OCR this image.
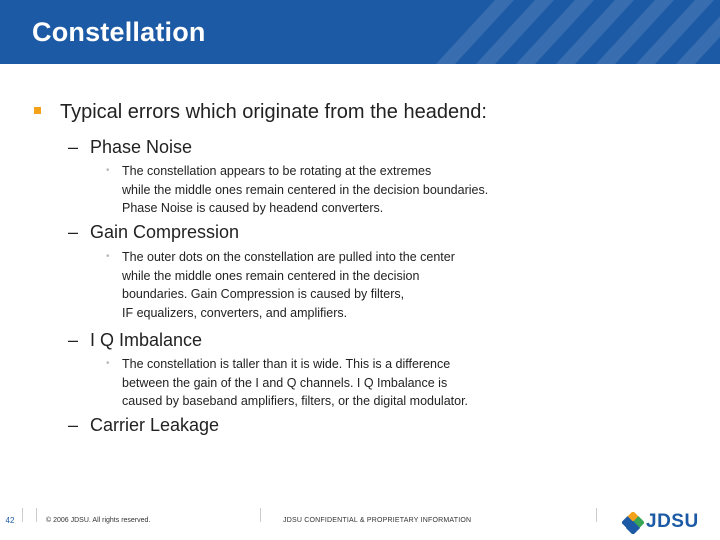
Constellation
Typical errors which originate from the headend:
– Phase Noise
• The constellation appears to be rotating at the extremes
while the middle ones remain centered in the decision boundaries.
Phase Noise is caused by headend converters.
– Gain Compression
• The outer dots on the constellation are pulled into the center
while the middle ones remain centered in the decision
boundaries. Gain Compression is caused by filters,
IF equalizers, converters, and amplifiers.
– I Q Imbalance
• The constellation is taller than it is wide. This is a difference
between the gain of the I and Q channels. I Q Imbalance is
caused by baseband amplifiers, filters, or the digital modulator.
– Carrier Leakage
42	© 2006 JDSU. All rights reserved.	JDSU CONFIDENTIAL & PROPRIETARY INFORMATION	JDSU
